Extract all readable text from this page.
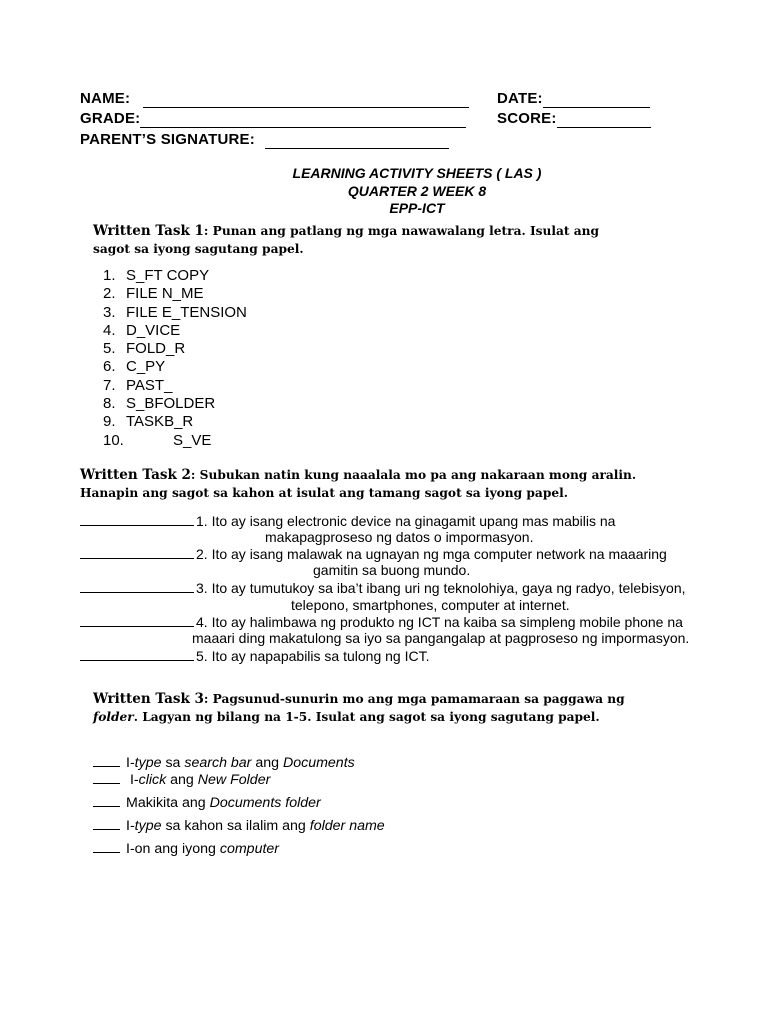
NAME:	DATE:
GRADE:	SCORE:
PARENT’S SIGNATURE:
LEARNING ACTIVITY SHEETS ( LAS )
QUARTER 2 WEEK 8
EPP-ICT
Written Task 1: Punan ang patlang ng mga nawawalang letra. Isulat ang
sagot sa iyong sagutang papel.
1. S_FT COPY
2. FILE N_ME
3. FILE E_TENSION
4. D_VICE
5. FOLD_R
6. C_PY
7. PAST_
8. S_BFOLDER
9. TASKB_R
10.	S_VE
Written Task 2: Subukan natin kung naaalala mo pa ang nakaraan mong aralin.
Hanapin ang sagot sa kahon at isulat ang tamang sagot sa iyong papel.
1. Ito ay isang electronic device na ginagamit upang mas mabilis na
makapagproseso ng datos o impormasyon.
2. Ito ay isang malawak na ugnayan ng mga computer network na maaaring
gamitin sa buong mundo.
3. Ito ay tumutukoy sa iba’t ibang uri ng teknolohiya, gaya ng radyo, telebisyon,
telepono, smartphones, computer at internet.
4. Ito ay halimbawa ng produkto ng ICT na kaiba sa simpleng mobile phone na
maaari ding makatulong sa iyo sa pangangalap at pagproseso ng impormasyon.
5. Ito ay napapabilis sa tulong ng ICT.
Written Task 3: Pagsunud-sunurin mo ang mga pamamaraan sa paggawa ng
folder. Lagyan ng bilang na 1-5. Isulat ang sagot sa iyong sagutang papel.
I-type sa search bar ang Documents
I-click ang New Folder
Makikita ang Documents folder
I-type sa kahon sa ilalim ang folder name
I-on ang iyong computer
